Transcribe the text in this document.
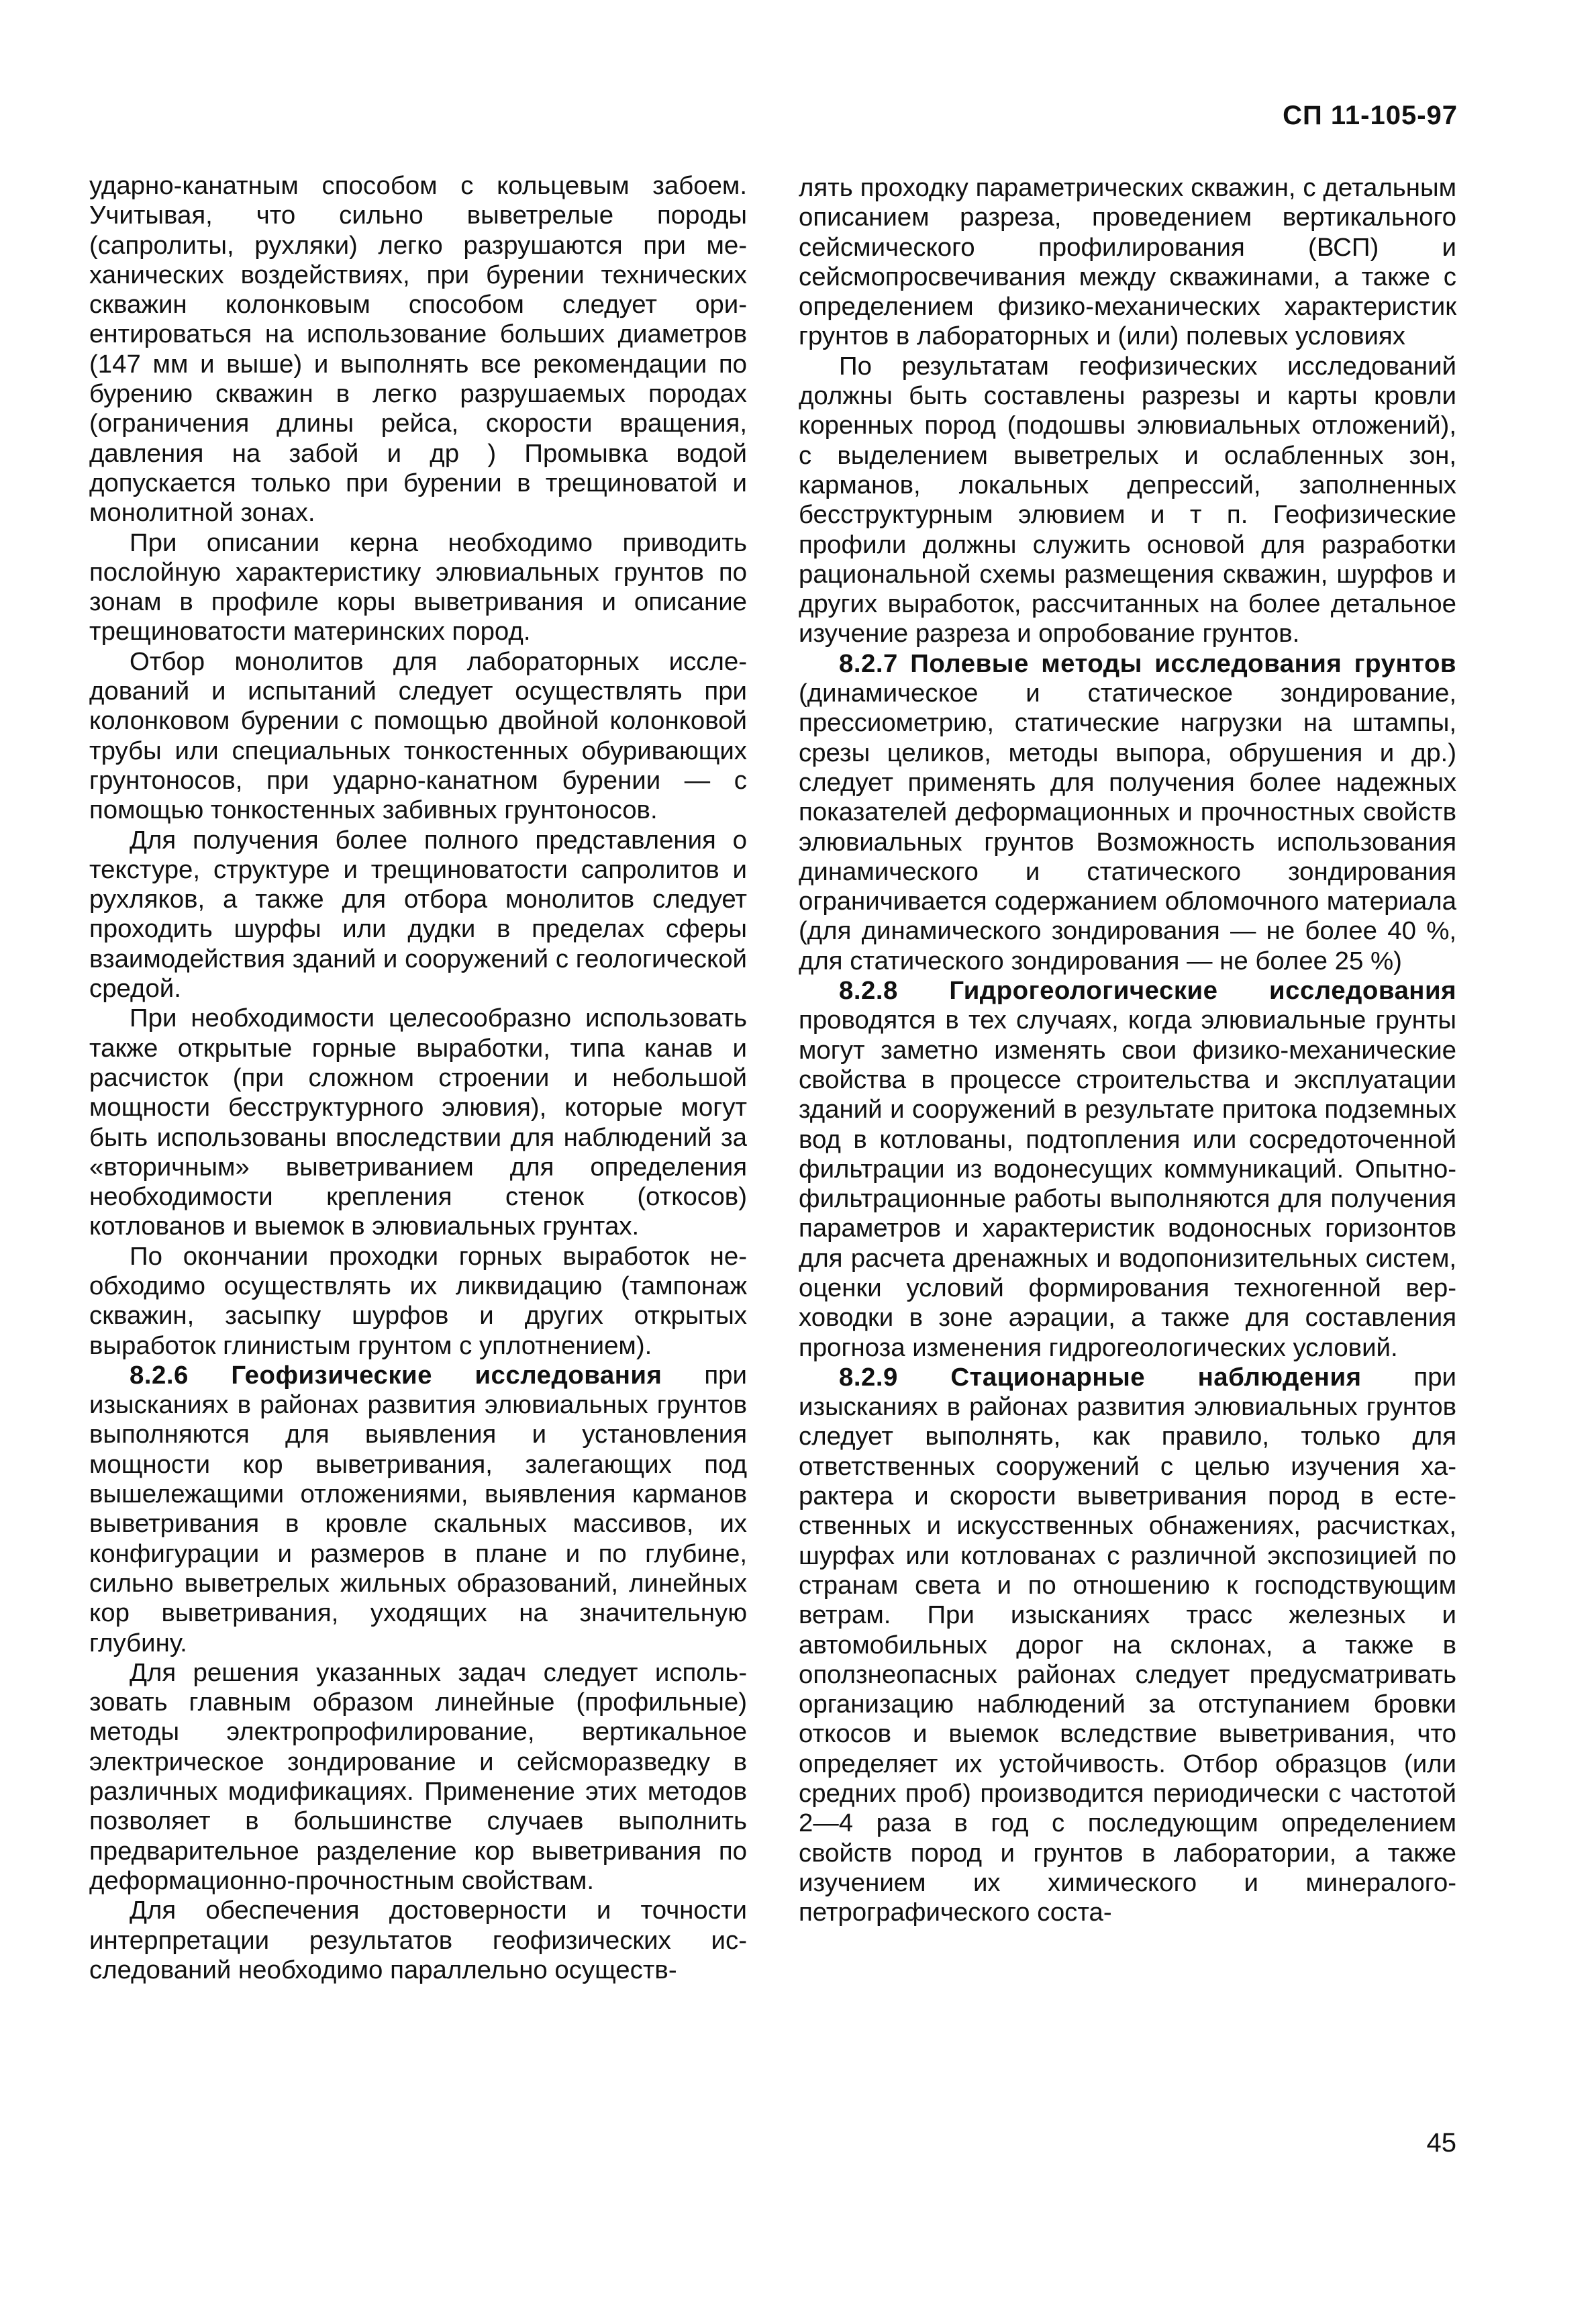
СП 11-105-97

ударно-канатным способом с кольцевым забоем. Учитывая, что сильно выветрелые породы (сапролиты, рухляки) легко разрушаются при механических воздействиях, при бурении технических скважин колонковым способом следует ориентироваться на использование больших диаметров (147 мм и выше) и выполнять все рекомендации по бурению скважин в легко разрушаемых породах (ограничения длины рейса, скорости вращения, давления на забой и др ) Промывка водой допускается только при бурении в трещиноватой и монолитной зонах.

При описании керна необходимо приводить послойную характеристику элювиальных грунтов по зонам в профиле коры выветривания и описание трещиноватости материнских пород.

Отбор монолитов для лабораторных исследований и испытаний следует осуществлять при колонковом бурении с помощью двойной колонковой трубы или специальных тонкостенных обуривающих грунтоносов, при ударно-канатном бурении — с помощью тонкостенных забивных грунтоносов.

Для получения более полного представления о текстуре, структуре и трещиноватости сапролитов и рухляков, а также для отбора монолитов следует проходить шурфы или дудки в пределах сферы взаимодействия зданий и сооружений с геологической средой.

При необходимости целесообразно использовать также открытые горные выработки, типа канав и расчисток (при сложном строении и небольшой мощности бесструктурного элювия), которые могут быть использованы впоследствии для наблюдений за «вторичным» выветриванием для определения необходимости крепления стенок (откосов) котлованов и выемок в элювиальных грунтах.

По окончании проходки горных выработок необходимо осуществлять их ликвидацию (тампонаж скважин, засыпку шурфов и других открытых выработок глинистым грунтом с уплотнением).

8.2.6 Геофизические исследования при изысканиях в районах развития элювиальных грунтов выполняются для выявления и установления мощности кор выветривания, залегающих под вышележащими отложениями, выявления карманов выветривания в кровле скальных массивов, их конфигурации и размеров в плане и по глубине, сильно выветрелых жильных образований, линейных кор выветривания, уходящих на значительную глубину.

Для решения указанных задач следует использовать главным образом линейные (профильные) методы электропрофилирование, вертикальное электрическое зондирование и сейсморазведку в различных модификациях. Применение этих методов позволяет в большинстве случаев выполнить предварительное разделение кор выветривания по деформационно-прочностным свойствам.

Для обеспечения достоверности и точности интерпретации результатов геофизических исследований необходимо параллельно осуществ-

лять проходку параметрических скважин, с детальным описанием разреза, проведением вертикального сейсмического профилирования (ВСП) и сейсмопросвечивания между скважинами, а также с определением физико-механических характеристик грунтов в лабораторных и (или) полевых условиях

По результатам геофизических исследований должны быть составлены разрезы и карты кровли коренных пород (подошвы элювиальных отложений), с выделением выветрелых и ослабленных зон, карманов, локальных депрессий, заполненных бесструктурным элювием и т п. Геофизические профили должны служить основой для разработки рациональной схемы размещения скважин, шурфов и других выработок, рассчитанных на более детальное изучение разреза и опробование грунтов.

8.2.7 Полевые методы исследования грунтов (динамическое и статическое зондирование, прессиометрию, статические нагрузки на штампы, срезы целиков, методы выпора, обрушения и др.) следует применять для получения более надежных показателей деформационных и прочностных свойств элювиальных грунтов Возможность использования динамического и статического зондирования ограничивается содержанием обломочного материала (для динамического зондирования — не более 40 %, для статического зондирования — не более 25 %)

8.2.8 Гидрогеологические исследования проводятся в тех случаях, когда элювиальные грунты могут заметно изменять свои физико-механические свойства в процессе строительства и эксплуатации зданий и сооружений в результате притока подземных вод в котлованы, подтопления или сосредоточенной фильтрации из водонесущих коммуникаций. Опытно-фильтрационные работы выполняются для получения параметров и характеристик водоносных горизонтов для расчета дренажных и водопонизительных систем, оценки условий формирования техногенной верховодки в зоне аэрации, а также для составления прогноза изменения гидрогеологических условий.

8.2.9 Стационарные наблюдения при изысканиях в районах развития элювиальных грунтов следует выполнять, как правило, только для ответственных сооружений с целью изучения характера и скорости выветривания пород в естественных и искусственных обнажениях, расчистках, шурфах или котлованах с различной экспозицией по странам света и по отношению к господствующим ветрам. При изысканиях трасс железных и автомобильных дорог на склонах, а также в оползнеопасных районах следует предусматривать организацию наблюдений за отступанием бровки откосов и выемок вследствие выветривания, что определяет их устойчивость. Отбор образцов (или средних проб) производится периодически с частотой 2—4 раза в год с последующим определением свойств пород и грунтов в лаборатории, а также изучением их химического и минералого-петрографического соста-

45
